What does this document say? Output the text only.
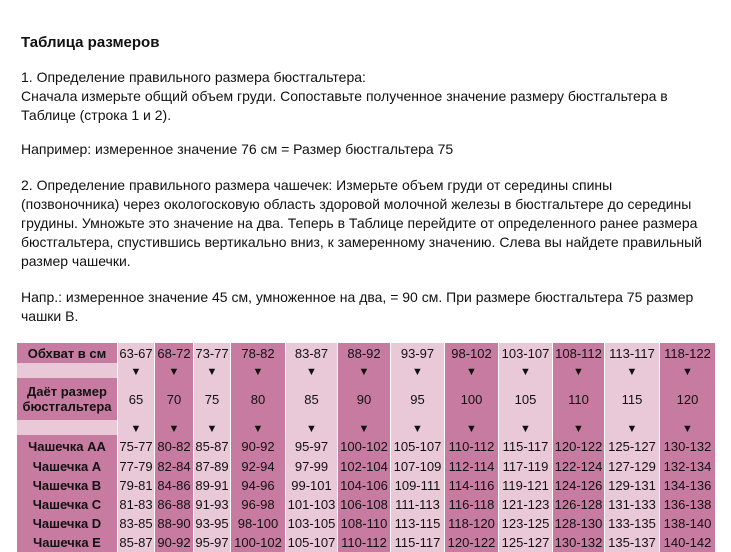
Таблица размеров
1. Определение правильного размера бюстгальтера:
Сначала измерьте общий объем груди. Сопоставьте полученное значение размеру бюстгальтера в Таблице (строка 1 и 2).
Например: измеренное значение 76 см = Размер бюстгальтера 75
2. Определение правильного размера чашечек: Измерьте объем груди от середины спины (позвоночника) через окологосковую область здоровой молочной железы в бюстгальтере до середины грудины. Умножьте это значение на два. Теперь в Таблице перейдите от определенного ранее размера бюстгальтера, спустившись вертикально вниз, к замеренному значению. Слева вы найдете правильный размер чашечки.
Напр.: измеренное значение 45 см, умноженное на два, = 90 см. При размере бюстгальтера 75 размер чашки B.
Обхват в см	63-67	68-72	73-77	78-82	83-87	88-92	93-97	98-102	103-107	108-112	113-117	118-122
	▼	▼	▼	▼	▼	▼	▼	▼	▼	▼	▼	▼

Даёт размер
бюстгальтера	65	70	75	80	85	90	95	100	105	110	115	120
	▼	▼	▼	▼	▼	▼	▼	▼	▼	▼	▼	▼
Чашечка АА	75-77	80-82	85-87	90-92	95-97	100-102	105-107	110-112	115-117	120-122	125-127	130-132
Чашечка A	77-79	82-84	87-89	92-94	97-99	102-104	107-109	112-114	117-119	122-124	127-129	132-134
Чашечка B	79-81	84-86	89-91	94-96	99-101	104-106	109-111	114-116	119-121	124-126	129-131	134-136
Чашечка C	81-83	86-88	91-93	96-98	101-103	106-108	111-113	116-118	121-123	126-128	131-133	136-138
Чашечка D	83-85	88-90	93-95	98-100	103-105	108-110	113-115	118-120	123-125	128-130	133-135	138-140
Чашечка E	85-87	90-92	95-97	100-102	105-107	110-112	115-117	120-122	125-127	130-132	135-137	140-142
